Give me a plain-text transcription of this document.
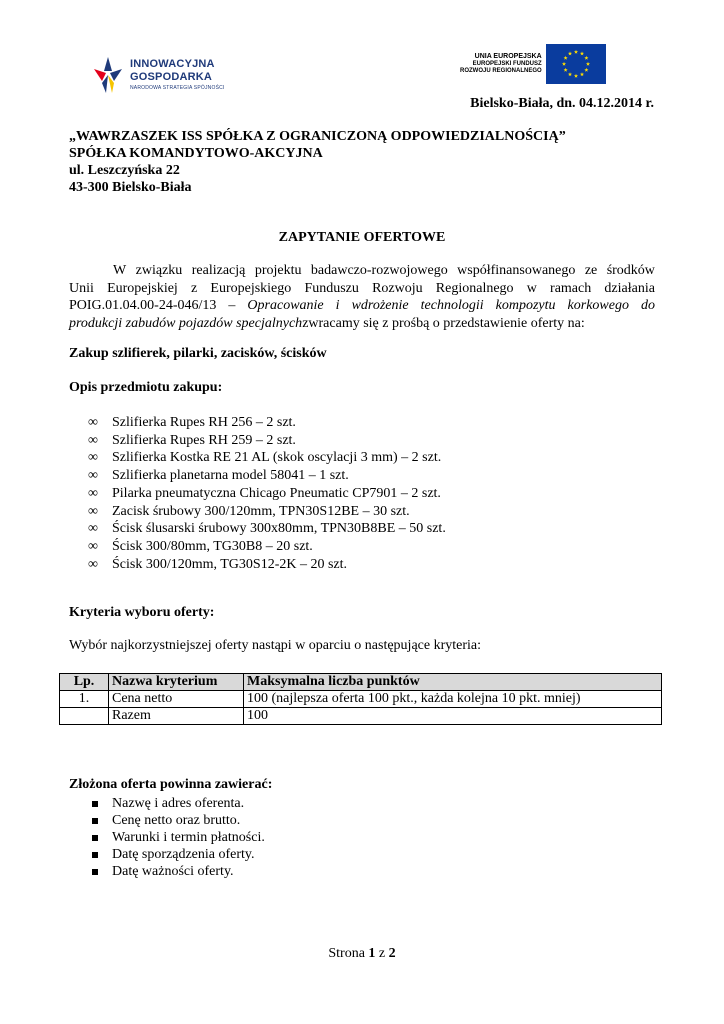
INNOWACYJNA
GOSPODARKA
NARODOWA STRATEGIA SPÓJNOŚCI
UNIA EUROPEJSKA
EUROPEJSKI FUNDUSZ
ROZWOJU REGIONALNEGO
Bielsko-Biała, dn. 04.12.2014 r.
„WAWRZASZEK ISS SPÓŁKA Z OGRANICZONĄ ODPOWIEDZIALNOŚCIĄ”
SPÓŁKA KOMANDYTOWO-AKCYJNA
ul. Leszczyńska 22
43-300 Bielsko-Biała
ZAPYTANIE OFERTOWE
W związku realizacją projektu badawczo-rozwojowego współfinansowanego ze środków
Unii Europejskiej z Europejskiego Funduszu Rozwoju Regionalnego w ramach działania
POIG.01.04.00-24-046/13 – Opracowanie i wdrożenie technologii kompozytu korkowego do
produkcji zabudów pojazdów specjalnych zwracamy się z prośbą o przedstawienie oferty na:
Zakup szlifierek, pilarki, zacisków, ścisków
Opis przedmiotu zakupu:
∞	Szlifierka Rupes RH 256 – 2 szt.
∞	Szlifierka Rupes RH 259 – 2 szt.
∞	Szlifierka Kostka RE 21 AL (skok oscylacji 3 mm) – 2 szt.
∞	Szlifierka planetarna model 58041 – 1 szt.
∞	Pilarka pneumatyczna Chicago Pneumatic CP7901 – 2 szt.
∞	Zacisk śrubowy 300/120mm, TPN30S12BE – 30 szt.
∞	Ścisk ślusarski śrubowy 300x80mm, TPN30B8BE – 50 szt.
∞	Ścisk 300/80mm, TG30B8 – 20 szt.
∞	Ścisk 300/120mm, TG30S12-2K – 20 szt.
Kryteria wyboru oferty:
Wybór najkorzystniejszej oferty nastąpi w oparciu o następujące kryteria:
Lp.	Nazwa kryterium	Maksymalna liczba punktów
1.	Cena netto	100 (najlepsza oferta 100 pkt., każda kolejna 10 pkt. mniej)
	Razem	100
Złożona oferta powinna zawierać:
Nazwę i adres oferenta.
Cenę netto oraz brutto.
Warunki i termin płatności.
Datę sporządzenia oferty.
Datę ważności oferty.
Strona 1 z 2
